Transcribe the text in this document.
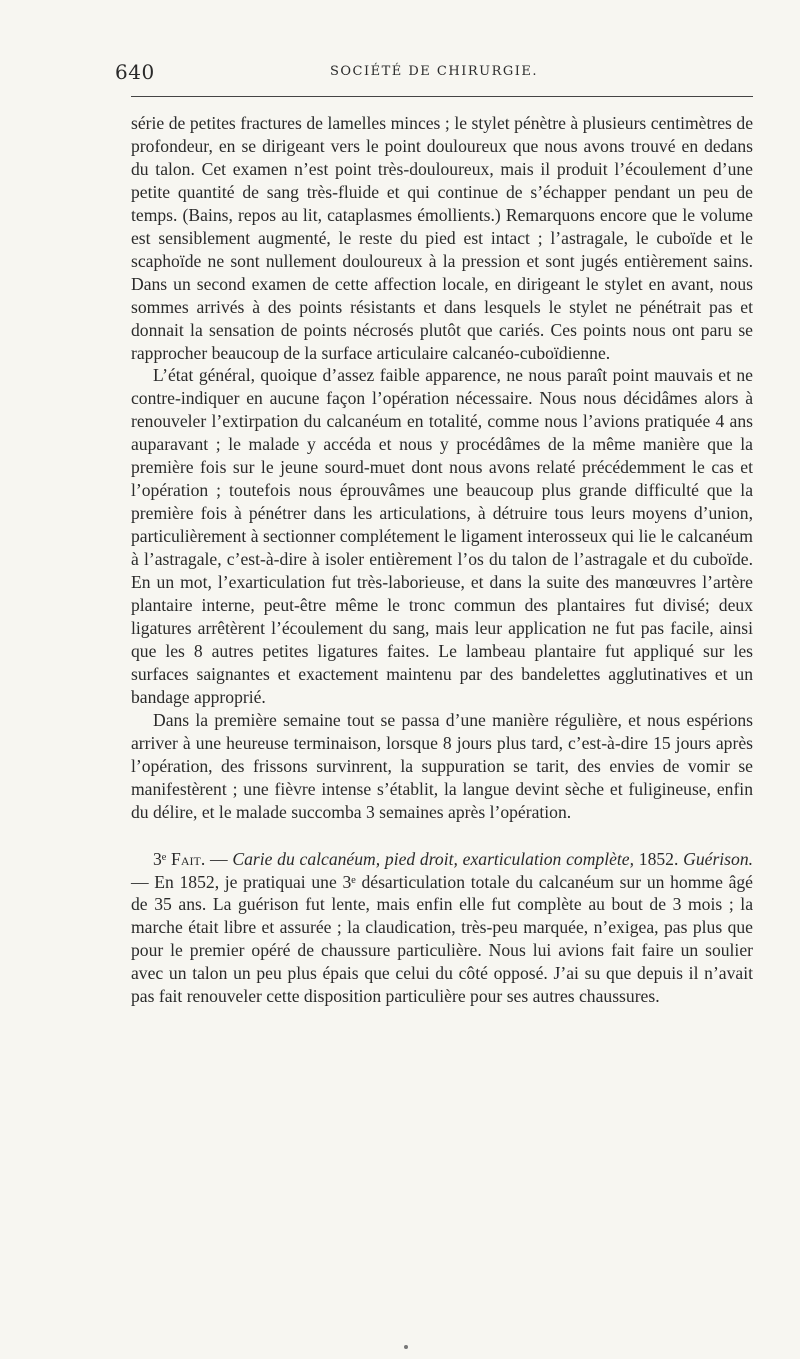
640	SOCIÉTÉ DE CHIRURGIE.

série de petites fractures de lamelles minces ; le stylet pénètre à plusieurs centimètres de profondeur, en se dirigeant vers le point douloureux que nous avons trouvé en dedans du talon. Cet examen n’est point très-douloureux, mais il produit l’écoulement d’une petite quantité de sang très-fluide et qui continue de s’échapper pendant un peu de temps. (Bains, repos au lit, cataplasmes émollients.) Remarquons encore que le volume est sensiblement augmenté, le reste du pied est intact ; l’astragale, le cuboïde et le scaphoïde ne sont nullement douloureux à la pression et sont jugés entièrement sains. Dans un second examen de cette affection locale, en dirigeant le stylet en avant, nous sommes arrivés à des points résistants et dans lesquels le stylet ne pénétrait pas et donnait la sensation de points nécrosés plutôt que cariés. Ces points nous ont paru se rapprocher beaucoup de la surface articulaire calcanéo-cuboïdienne.

L’état général, quoique d’assez faible apparence, ne nous paraît point mauvais et ne contre-indiquer en aucune façon l’opération nécessaire. Nous nous décidâmes alors à renouveler l’extirpation du calcanéum en totalité, comme nous l’avions pratiquée 4 ans auparavant ; le malade y accéda et nous y procédâmes de la même manière que la première fois sur le jeune sourd-muet dont nous avons relaté précédemment le cas et l’opération ; toutefois nous éprouvâmes une beaucoup plus grande difficulté que la première fois à pénétrer dans les articulations, à détruire tous leurs moyens d’union, particulièrement à sectionner complétement le ligament interosseux qui lie le calcanéum à l’astragale, c’est-à-dire à isoler entièrement l’os du talon de l’astragale et du cuboïde. En un mot, l’exarticulation fut très-laborieuse, et dans la suite des manœuvres l’artère plantaire interne, peut-être même le tronc commun des plantaires fut divisé; deux ligatures arrêtèrent l’écoulement du sang, mais leur application ne fut pas facile, ainsi que les 8 autres petites ligatures faites. Le lambeau plantaire fut appliqué sur les surfaces saignantes et exactement maintenu par des bandelettes agglutinatives et un bandage approprié.

Dans la première semaine tout se passa d’une manière régulière, et nous espérions arriver à une heureuse terminaison, lorsque 8 jours plus tard, c’est-à-dire 15 jours après l’opération, des frissons survinrent, la suppuration se tarit, des envies de vomir se manifestèrent ; une fièvre intense s’établit, la langue devint sèche et fuligineuse, enfin du délire, et le malade succomba 3 semaines après l’opération.

3ᵉ Fait. — Carie du calcanéum, pied droit, exarticulation complète, 1852. Guérison. — En 1852, je pratiquai une 3ᵉ désarticulation totale du calcanéum sur un homme âgé de 35 ans. La guérison fut lente, mais enfin elle fut complète au bout de 3 mois ; la marche était libre et assurée ; la claudication, très-peu marquée, n’exigea, pas plus que pour le premier opéré de chaussure particulière. Nous lui avions fait faire un soulier avec un talon un peu plus épais que celui du côté opposé. J’ai su que depuis il n’avait pas fait renouveler cette disposition particulière pour ses autres chaussures.
